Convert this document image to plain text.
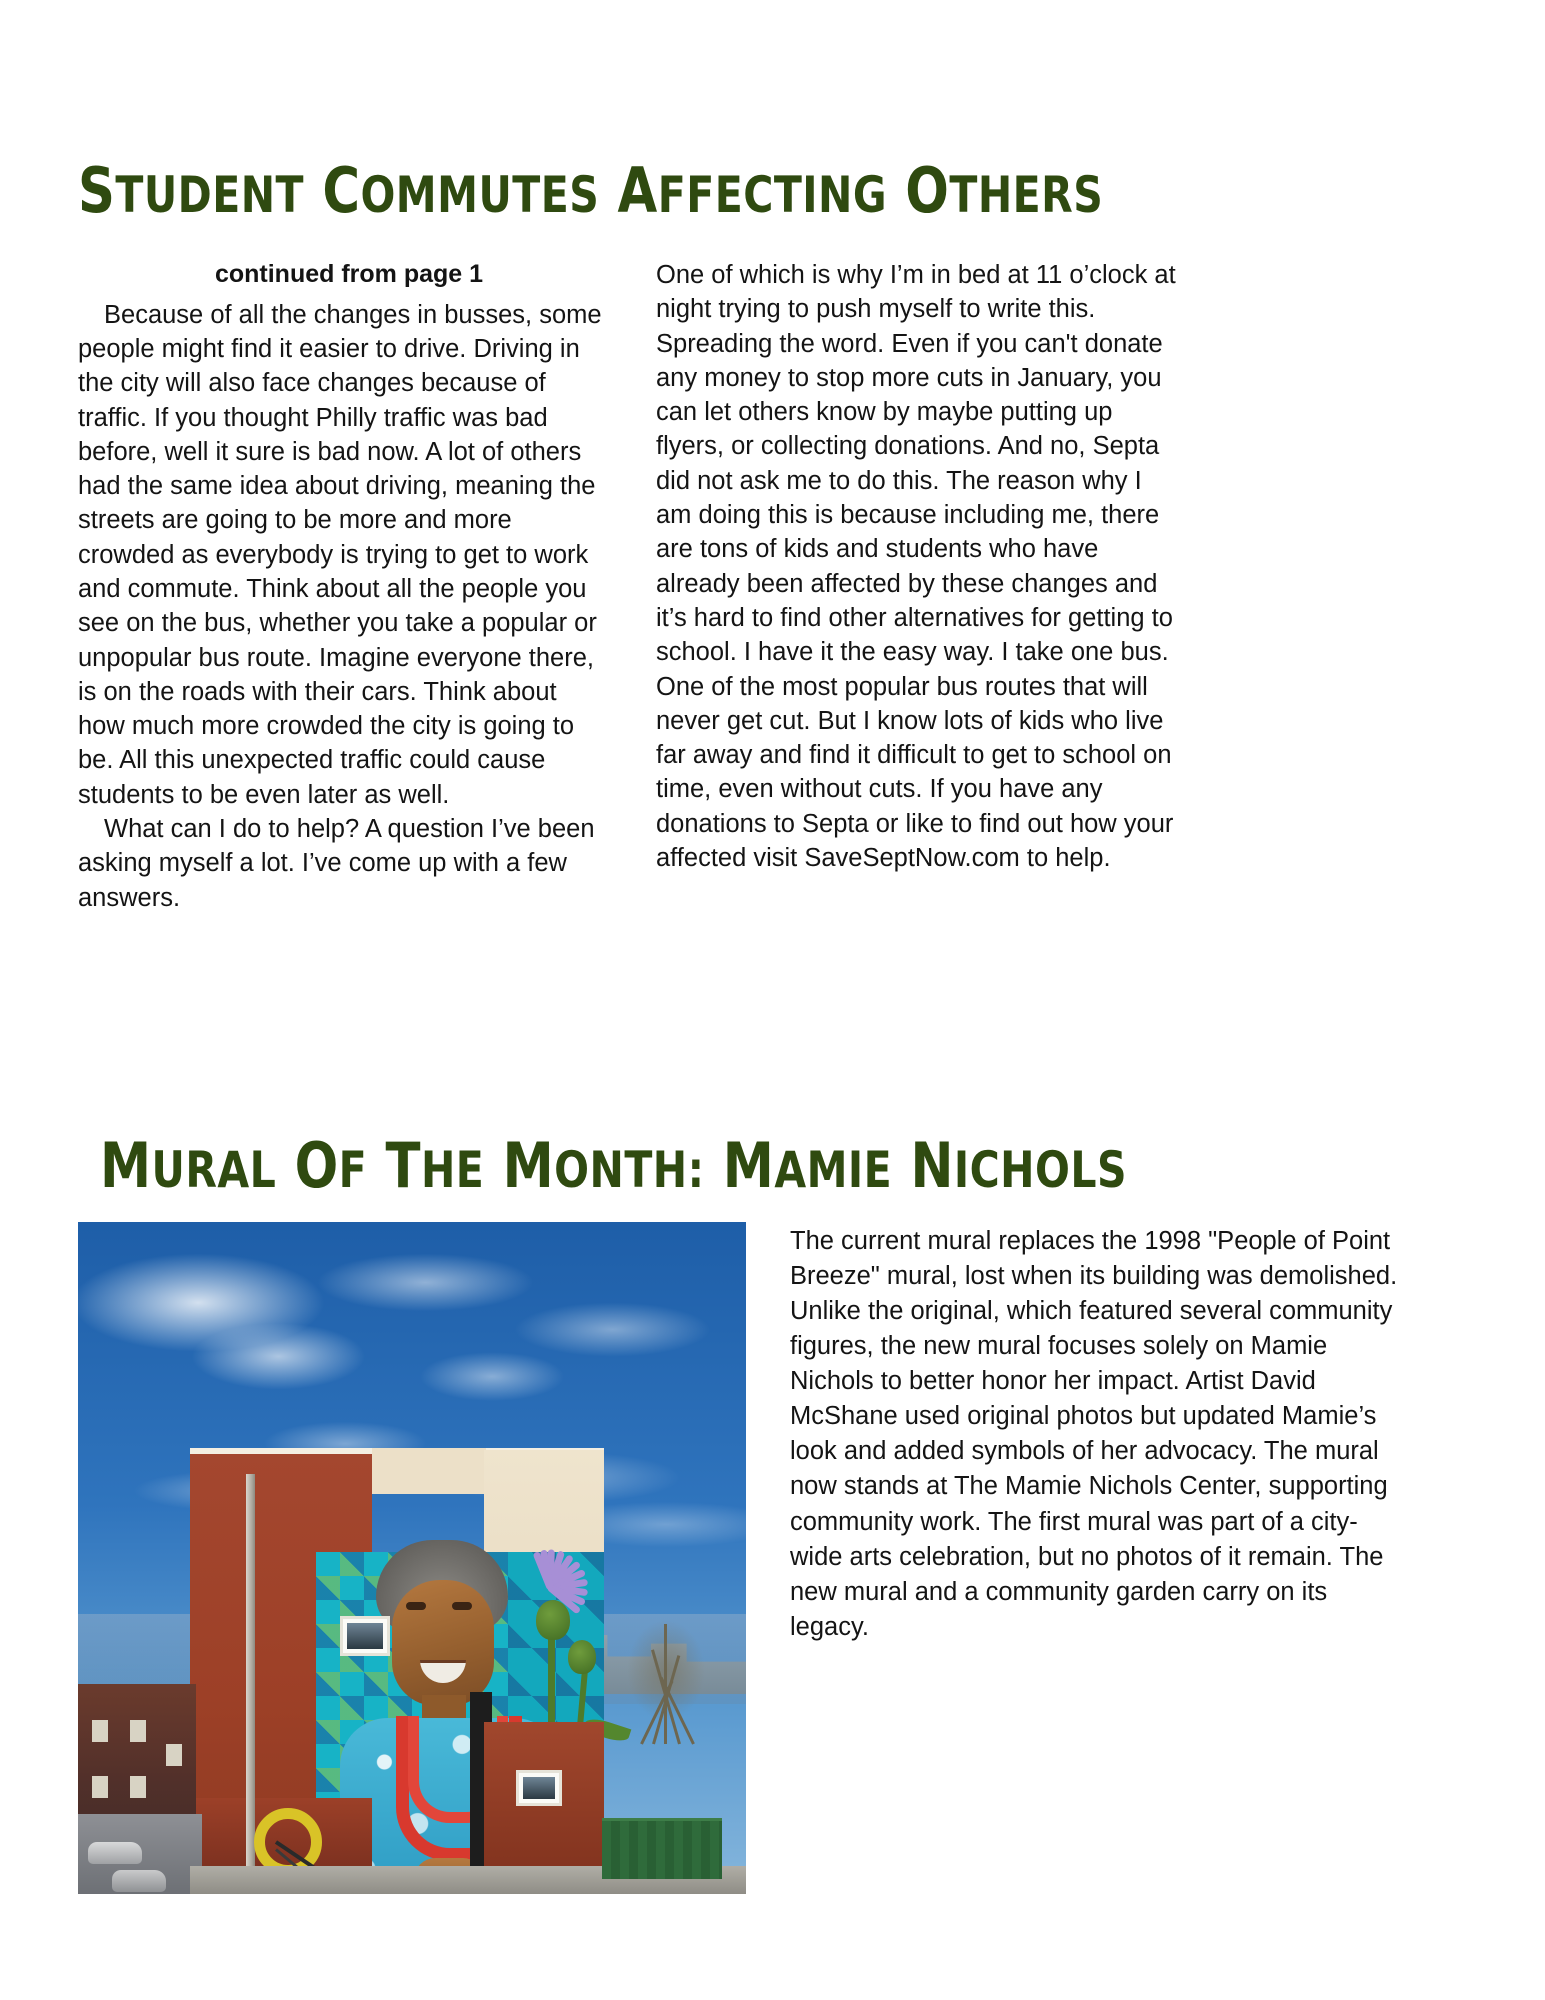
STUDENT COMMUTES AFFECTING OTHERS
continued from page 1

Because of all the changes in busses, some people might find it easier to drive. Driving in the city will also face changes because of traffic. If you thought Philly traffic was bad before, well it sure is bad now. A lot of others had the same idea about driving, meaning the streets are going to be more and more crowded as everybody is trying to get to work and commute. Think about all the people you see on the bus, whether you take a popular or unpopular bus route. Imagine everyone there, is on the roads with their cars. Think about how much more crowded the city is going to be. All this unexpected traffic could cause students to be even later as well.

What can I do to help? A question I’ve been asking myself a lot. I’ve come up with a few answers.

One of which is why I’m in bed at 11 o’clock at night trying to push myself to write this. Spreading the word. Even if you can't donate any money to stop more cuts in January, you can let others know by maybe putting up flyers, or collecting donations. And no, Septa did not ask me to do this. The reason why I am doing this is because including me, there are tons of kids and students who have already been affected by these changes and it’s hard to find other alternatives for getting to school. I have it the easy way. I take one bus. One of the most popular bus routes that will never get cut. But I know lots of kids who live far away and find it difficult to get to school on time, even without cuts. If you have any donations to Septa or like to find out how your affected visit SaveSeptNow.com to help.

MURAL OF THE MONTH: MAMIE NICHOLS

The current mural replaces the 1998 "People of Point Breeze" mural, lost when its building was demolished. Unlike the original, which featured several community figures, the new mural focuses solely on Mamie Nichols to better honor her impact. Artist David McShane used original photos but updated Mamie’s look and added symbols of her advocacy. The mural now stands at The Mamie Nichols Center, supporting community work. The first mural was part of a city-wide arts celebration, but no photos of it remain. The new mural and a community garden carry on its legacy.
